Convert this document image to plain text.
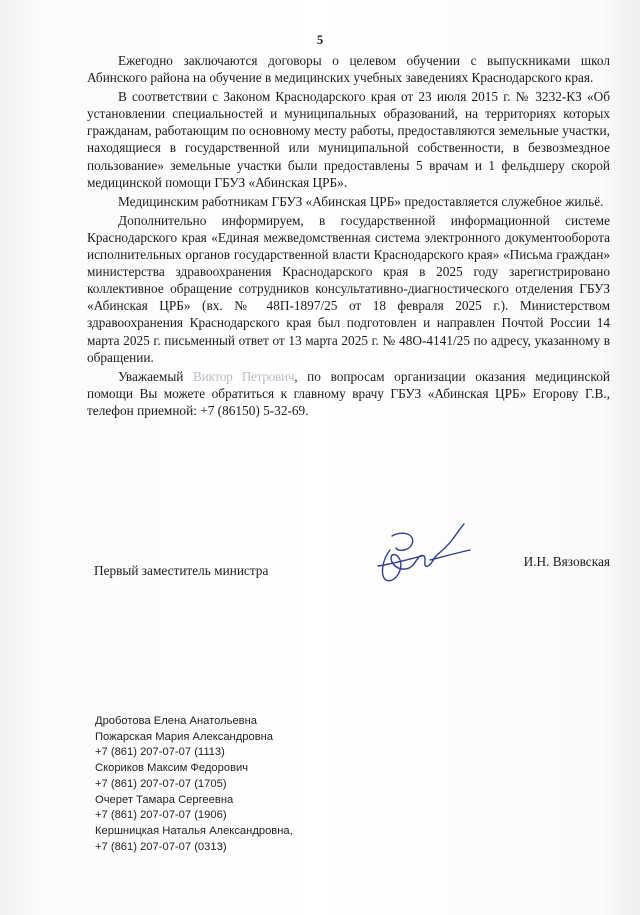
5

Ежегодно заключаются договоры о целевом обучении с выпускниками школ Абинского района на обучение в медицинских учебных заведениях Краснодарского края.

В соответствии с Законом Краснодарского края от 23 июля 2015 г. № 3232-КЗ «Об установлении специальностей и муниципальных образований, на территориях которых гражданам, работающим по основному месту работы, предоставляются земельные участки, находящиеся в государственной или муниципальной собственности, в безвозмездное пользование» земельные участки были предоставлены 5 врачам и 1 фельдшеру скорой медицинской помощи ГБУЗ «Абинская ЦРБ».

Медицинским работникам ГБУЗ «Абинская ЦРБ» предоставляется служебное жильё.

Дополнительно информируем, в государственной информационной системе Краснодарского края «Единая межведомственная система электронного документооборота исполнительных органов государственной власти Краснодарского края» «Письма граждан» министерства здравоохранения Краснодарского края в 2025 году зарегистрировано коллективное обращение сотрудников консультативно-диагностического отделения ГБУЗ «Абинская ЦРБ» (вх. № 48П-1897/25 от 18 февраля 2025 г.). Министерством здравоохранения Краснодарского края был подготовлен и направлен Почтой России 14 марта 2025 г. письменный ответ от 13 марта 2025 г. № 48О-4141/25 по адресу, указанному в обращении.

Уважаемый Виктор Петрович, по вопросам организации оказания медицинской помощи Вы можете обратиться к главному врачу ГБУЗ «Абинская ЦРБ» Егорову Г.В., телефон приемной: +7 (86150) 5-32-69.

Первый заместитель министра
И.Н. Вязовская
Дроботова Елена Анатольевна
Пожарская Мария Александровна
+7 (861) 207-07-07 (1113)
Скориков Максим Федорович
+7 (861) 207-07-07 (1705)
Очерет Тамара Сергеевна
+7 (861) 207-07-07 (1906)
Кершницкая Наталья Александровна,
+7 (861) 207-07-07 (0313)
